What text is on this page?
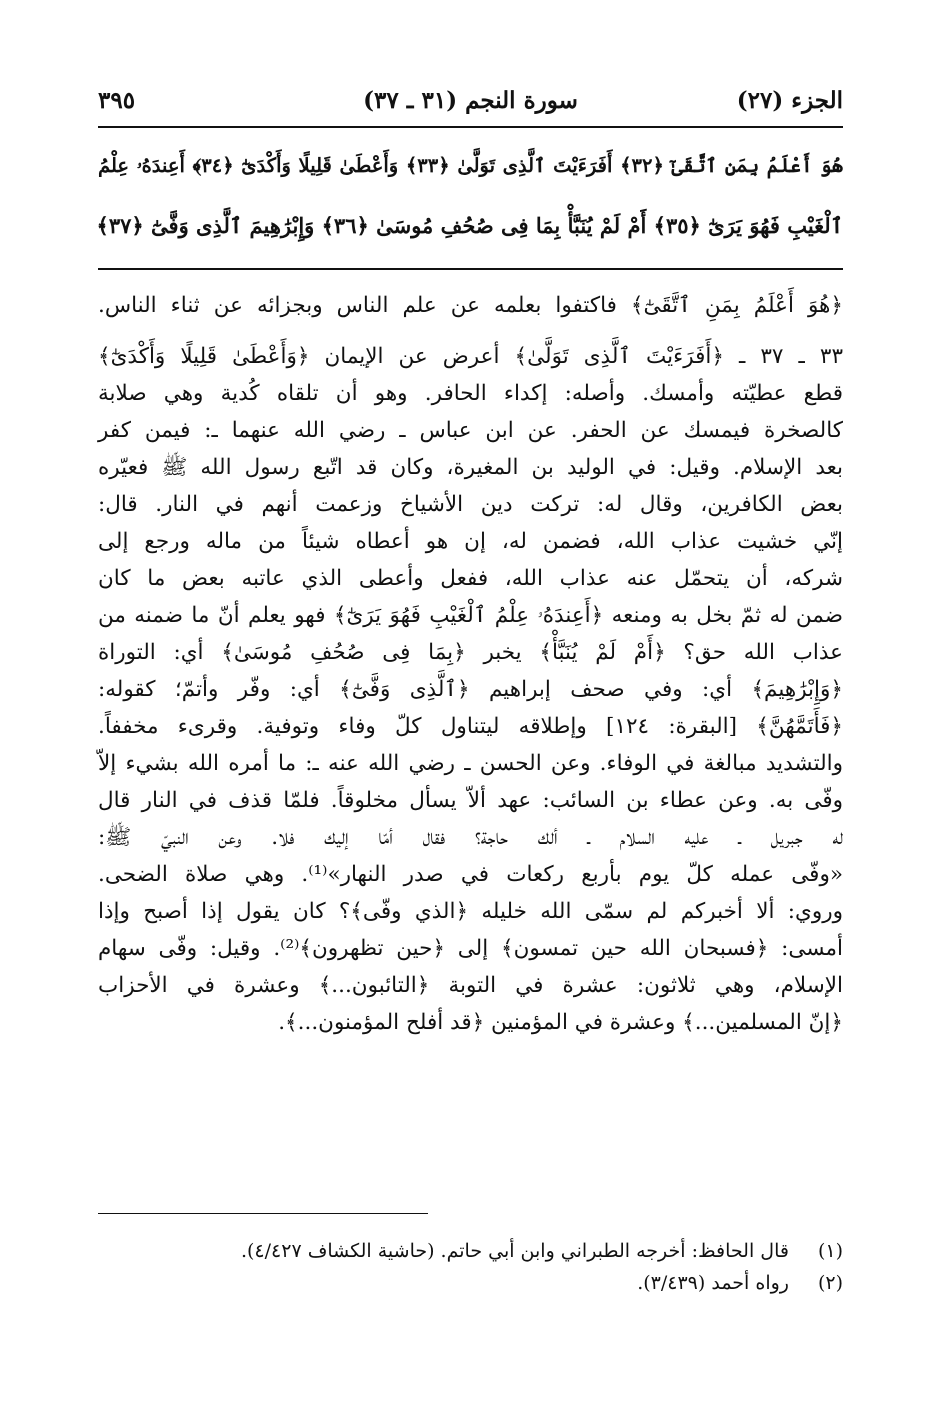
الجزء (٢٧)
سورة النجم (٣١ ـ ٣٧)
٣٩٥

هُوَ أَعْلَمُ بِمَنِ ٱتَّقَىٰٓ ﴿٣٢﴾ أَفَرَءَيْتَ ٱلَّذِى تَوَلَّىٰ ﴿٣٣﴾ وَأَعْطَىٰ قَلِيلًا وَأَكْدَىٰٓ ﴿٣٤﴾ أَعِندَهُۥ عِلْمُ

ٱلْغَيْبِ فَهُوَ يَرَىٰٓ ﴿٣٥﴾ أَمْ لَمْ يُنَبَّأْ بِمَا فِى صُحُفِ مُوسَىٰ ﴿٣٦﴾ وَإِبْرَٰهِيمَ ٱلَّذِى وَفَّىٰٓ ﴿٣٧﴾

﴿هُوَ أَعْلَمُ بِمَنِ ٱتَّقَىٰٓ﴾ فاكتفوا بعلمه عن علم الناس وبجزائه عن ثناء الناس.

٣٣ ـ ٣٧ ـ ﴿أَفَرَءَيْتَ ٱلَّذِى تَوَلَّىٰ﴾ أعرض عن الإيمان ﴿وَأَعْطَىٰ قَلِيلًا وَأَكْدَىٰٓ﴾

قطع عطيّته وأمسك. وأصله: إكداء الحافر. وهو أن تلقاه كُدية وهي صلابة

كالصخرة فيمسك عن الحفر. عن ابن عباس ـ رضي الله عنهما ـ: فيمن كفر

بعد الإسلام. وقيل: في الوليد بن المغيرة، وكان قد اتّبع رسول الله ﷺ فعيّره

بعض الكافرين، وقال له: تركت دين الأشياخ وزعمت أنهم في النار. قال:

إنّي خشيت عذاب الله، فضمن له، إن هو أعطاه شيئاً من ماله ورجع إلى

شركه، أن يتحمّل عنه عذاب الله، ففعل وأعطى الذي عاتبه بعض ما كان

ضمن له ثمّ بخل به ومنعه ﴿أَعِندَهُۥ عِلْمُ ٱلْغَيْبِ فَهُوَ يَرَىٰٓ﴾ فهو يعلم أنّ ما ضمنه من

عذاب الله حق؟ ﴿أَمْ لَمْ يُنَبَّأْ﴾ يخبر ﴿بِمَا فِى صُحُفِ مُوسَىٰ﴾ أي: التوراة

﴿وَإِبْرَٰهِيمَ﴾ أي: وفي صحف إبراهيم ﴿ٱلَّذِى وَفَّىٰٓ﴾ أي: وفّر وأتمّ؛ كقوله:

﴿فَأَتَمَّهُنَّ﴾ [البقرة: ١٢٤] وإطلاقه ليتناول كلّ وفاء وتوفية. وقرىء مخففاً.

والتشديد مبالغة في الوفاء. وعن الحسن ـ رضي الله عنه ـ: ما أمره الله بشيء إلاّ

وفّى به. وعن عطاء بن السائب: عهد ألاّ يسأل مخلوقاً. فلمّا قذف في النار قال

له جبريل ـ عليه السلام ـ ألك حاجة؟ فقال أمّا إليك فلا. وعن النبيّ ﷺ:

«وفّى عمله كلّ يوم بأربع ركعات في صدر النهار»⁽¹⁾. وهي صلاة الضحى.

وروي: ألا أخبركم لم سمّى الله خليله ﴿الذي وفّى﴾؟ كان يقول إذا أصبح وإذا

أمسى: ﴿فسبحان الله حين تمسون﴾ إلى ﴿حين تظهرون﴾⁽²⁾. وقيل: وفّى سهام

الإسلام، وهي ثلاثون: عشرة في التوبة ﴿التائبون...﴾ وعشرة في الأحزاب

﴿إنّ المسلمين...﴾ وعشرة في المؤمنين ﴿قد أفلح المؤمنون...﴾.

(١) قال الحافظ: أخرجه الطبراني وابن أبي حاتم. (حاشية الكشاف ٤/٤٢٧).

(٢) رواه أحمد (٣/٤٣٩).
